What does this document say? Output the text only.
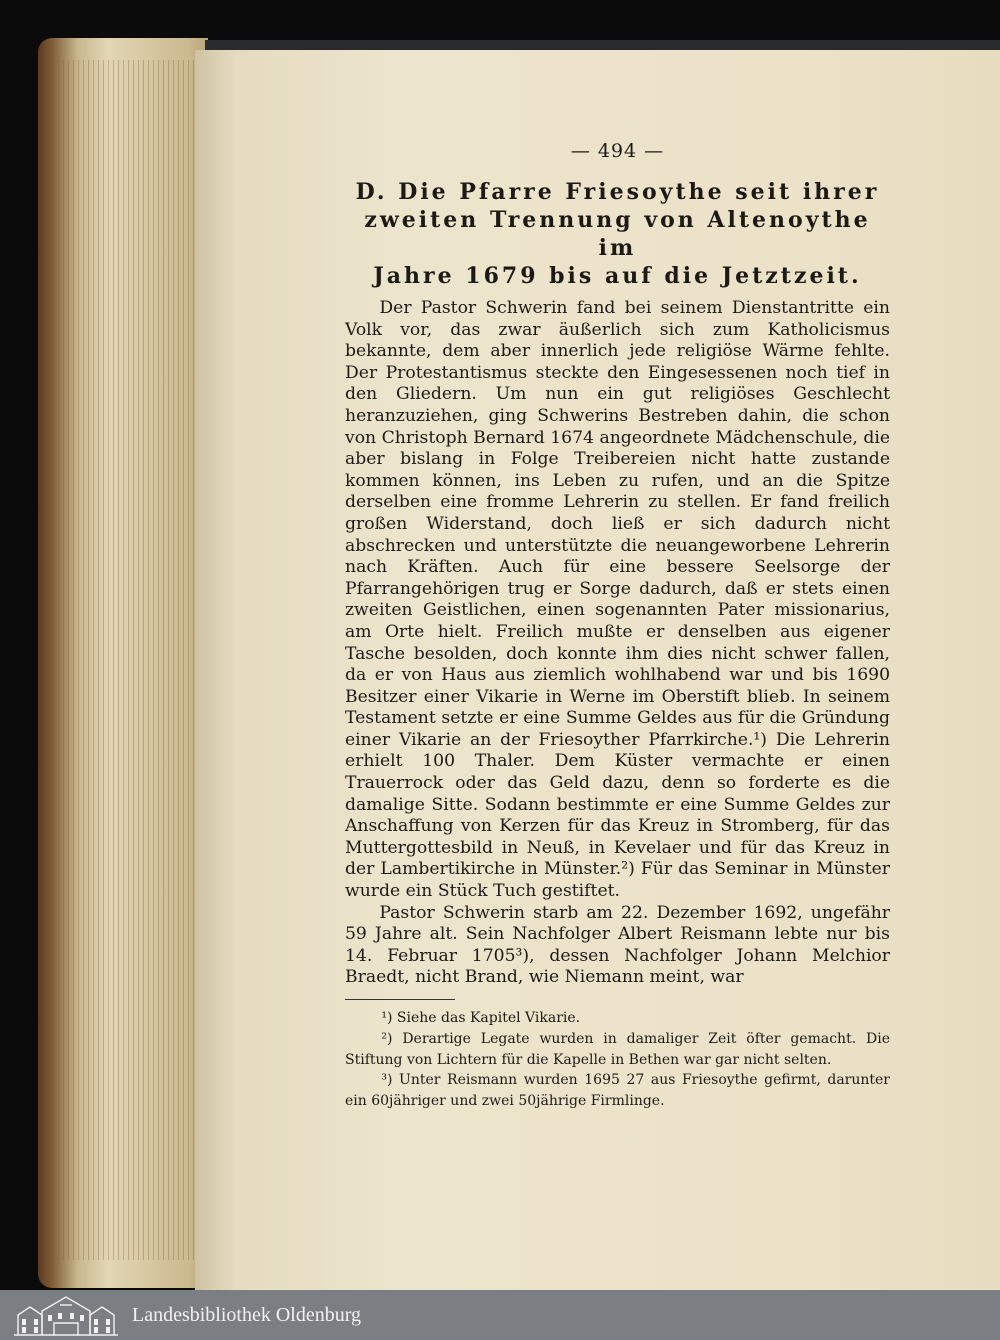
— 494 —
D. Die Pfarre Friesoythe seit ihrer
zweiten Trennung von Altenoythe im
Jahre 1679 bis auf die Jetztzeit.

Der Pastor Schwerin fand bei seinem Dienstantritte ein Volk vor, das zwar äußerlich sich zum Katholicismus bekannte, dem aber innerlich jede religiöse Wärme fehlte. Der Protestantismus steckte den Eingesessenen noch tief in den Gliedern. Um nun ein gut religiöses Geschlecht heranzuziehen, ging Schwerins Bestreben dahin, die schon von Christoph Bernard 1674 angeordnete Mädchenschule, die aber bislang in Folge Treibereien nicht hatte zustande kommen können, ins Leben zu rufen, und an die Spitze derselben eine fromme Lehrerin zu stellen. Er fand freilich großen Widerstand, doch ließ er sich dadurch nicht abschrecken und unterstützte die neuangeworbene Lehrerin nach Kräften. Auch für eine bessere Seelsorge der Pfarrangehörigen trug er Sorge dadurch, daß er stets einen zweiten Geistlichen, einen sogenannten Pater missionarius, am Orte hielt. Freilich mußte er denselben aus eigener Tasche besolden, doch konnte ihm dies nicht schwer fallen, da er von Haus aus ziemlich wohlhabend war und bis 1690 Besitzer einer Vikarie in Werne im Oberstift blieb. In seinem Testament setzte er eine Summe Geldes aus für die Gründung einer Vikarie an der Friesoyther Pfarrkirche.¹) Die Lehrerin erhielt 100 Thaler. Dem Küster vermachte er einen Trauerrock oder das Geld dazu, denn so forderte es die damalige Sitte. Sodann bestimmte er eine Summe Geldes zur Anschaffung von Kerzen für das Kreuz in Stromberg, für das Muttergottesbild in Neuß, in Kevelaer und für das Kreuz in der Lambertikirche in Münster.²) Für das Seminar in Münster wurde ein Stück Tuch gestiftet.

Pastor Schwerin starb am 22. Dezember 1692, ungefähr 59 Jahre alt. Sein Nachfolger Albert Reismann lebte nur bis 14. Februar 1705³), dessen Nachfolger Johann Melchior Braedt, nicht Brand, wie Niemann meint, war

¹) Siehe das Kapitel Vikarie.

²) Derartige Legate wurden in damaliger Zeit öfter gemacht. Die Stiftung von Lichtern für die Kapelle in Bethen war gar nicht selten.

³) Unter Reismann wurden 1695 27 aus Friesoythe gefirmt, darunter ein 60jähriger und zwei 50jährige Firmlinge.

Landesbibliothek Oldenburg
